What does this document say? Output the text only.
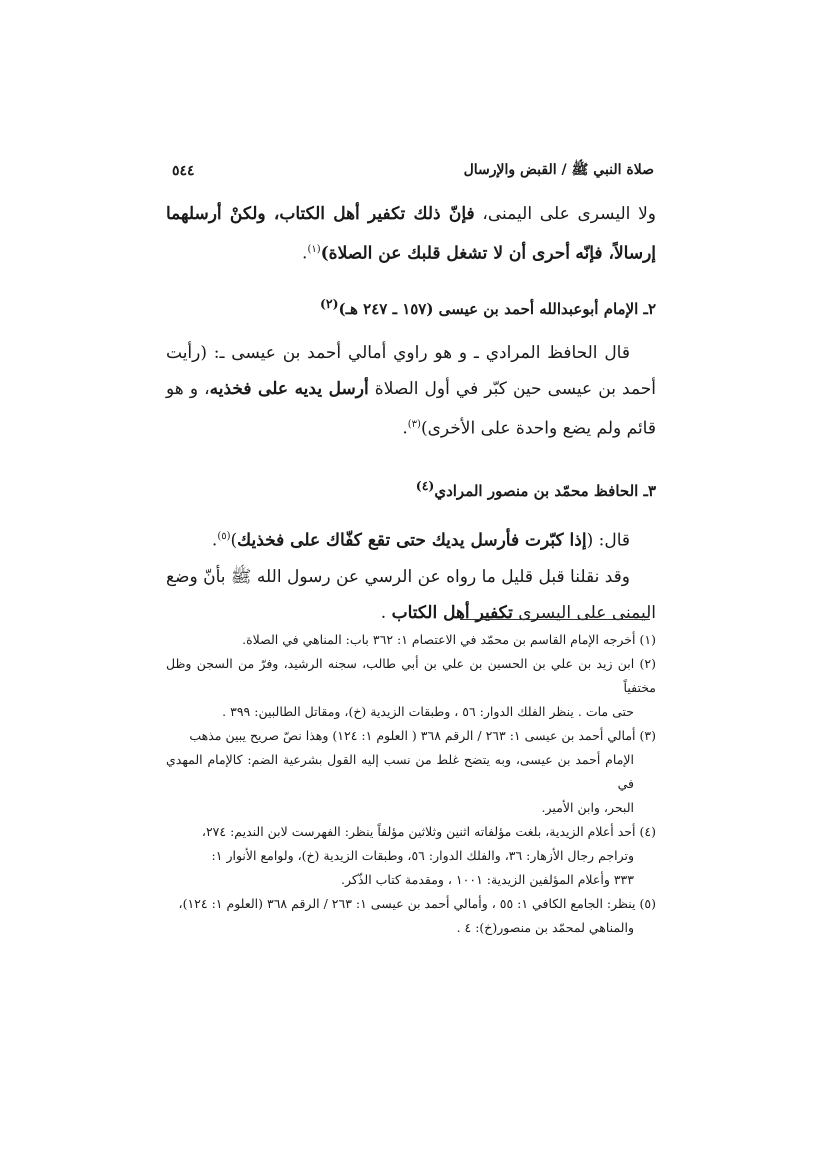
صلاة النبي ﷺ / القبض والإرسال
٥٤٤

ولا اليسرى على اليمنى، فإنّ ذلك تكفير أهل الكتاب، ولكنْ أرسلهما إرسالاً، فإنّه أحرى أن لا تشغل قلبك عن الصلاة)$^{(١)}$.

٢ـ الإمام أبوعبدالله أحمد بن عيسى (١٥٧ ـ ٢٤٧ هـ)$^{(٢)}$

قال الحافظ المرادي ـ و هو راوي أمالي أحمد بن عيسى ـ: (رأيت أحمد بن عيسى حين كبّر في أول الصلاة أرسل يديه على فخذيه، و هو قائم ولم يضع واحدة على الأخرى)$^{(٣)}$.

٣ـ الحافظ محمّد بن منصور المرادي$^{(٤)}$

قال: (إذا كبّرت فأرسل يديك حتى تقع كفّاك على فخذيك)$^{(٥)}$.

وقد نقلنا قبل قليل ما رواه عن الرسي عن رسول الله ﷺ بأنّ وضع اليمنى على اليسرى تكفير أهل الكتاب .

(١) أخرجه الإمام القاسم بن محمّد في الاعتصام ١: ٣٦٢ باب: المناهي في الصلاة.

(٢) ابن زيد بن علي بن الحسين بن علي بن أبي طالب، سجنه الرشيد، وفرّ من السجن وظل مختفياً
حتى مات . ينظر الفلك الدوار: ٥٦ ، وطبقات الزيدية (خ)، ومقاتل الطالبين: ٣٩٩ .

(٣) أمالي أحمد بن عيسى ١: ٢٦٣ / الرقم ٣٦٨ ( العلوم ١: ١٢٤) وهذا نصّ صريح يبين مذهب
الإمام أحمد بن عيسى، وبه يتضح غلط من نسب إليه القول بشرعية الضم: كالإمام المهدي في
البحر، وابن الأمير.

(٤) أحد أعلام الزيدية، بلغت مؤلفاته اثنين وثلاثين مؤلفاً ينظر: الفهرست لابن النديم: ٢٧٤،
وتراجم رجال الأزهار: ٣٦، والفلك الدوار: ٥٦، وطبقات الزيدية (خ)، ولوامع الأنوار ١:
٣٣٣ وأعلام المؤلفين الزيدية: ١٠٠١ ، ومقدمة كتاب الذّكر.

(٥) ينظر: الجامع الكافي ١: ٥٥ ، وأمالي أحمد بن عيسى ١: ٢٦٣ / الرقم ٣٦٨ (العلوم ١: ١٢٤)،
والمناهي لمحمّد بن منصور(خ): ٤ .
